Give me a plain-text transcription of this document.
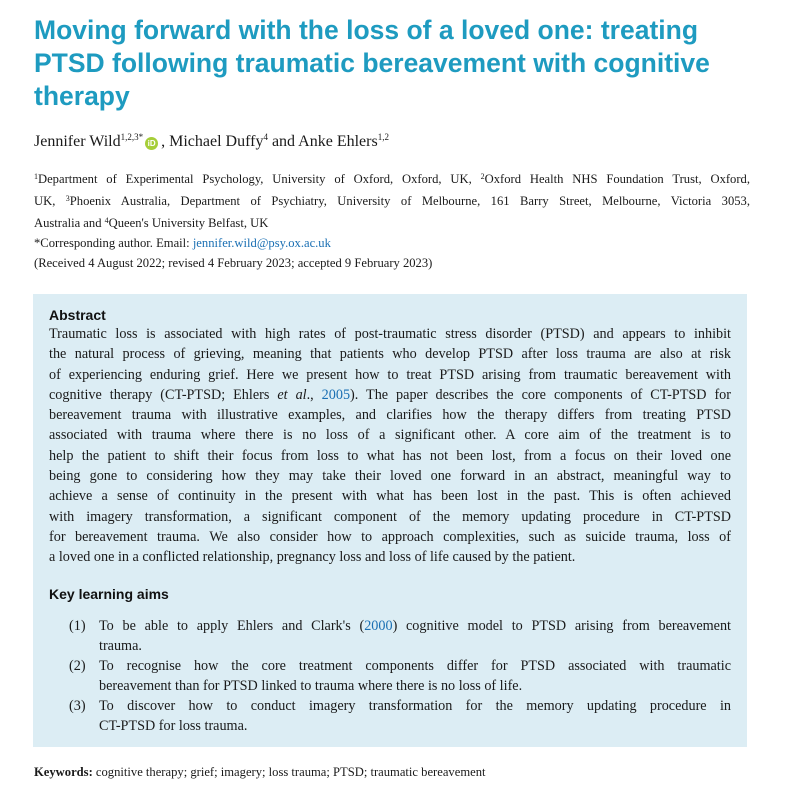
Moving forward with the loss of a loved one: treating
PTSD following traumatic bereavement with cognitive
therapy
Jennifer Wild$^{1,2,3*}$iD , Michael Duffy$^4$ and Anke Ehlers$^{1,2}$
$^1$Department of Experimental Psychology, University of Oxford, Oxford, UK, $^2$Oxford Health NHS Foundation Trust, Oxford,
UK, $^3$Phoenix Australia, Department of Psychiatry, University of Melbourne, 161 Barry Street, Melbourne, Victoria 3053,
Australia and $^4$Queen's University Belfast, UK
*Corresponding author. Email: jennifer.wild@psy.ox.ac.uk
(Received 4 August 2022; revised 4 February 2023; accepted 9 February 2023)
Abstract
Traumatic loss is associated with high rates of post-traumatic stress disorder (PTSD) and appears to inhibit
the natural process of grieving, meaning that patients who develop PTSD after loss trauma are also at risk
of experiencing enduring grief. Here we present how to treat PTSD arising from traumatic bereavement with
cognitive therapy (CT-PTSD; Ehlers et al., 2005). The paper describes the core components of CT-PTSD for
bereavement trauma with illustrative examples, and clarifies how the therapy differs from treating PTSD
associated with trauma where there is no loss of a significant other. A core aim of the treatment is to
help the patient to shift their focus from loss to what has not been lost, from a focus on their loved one
being gone to considering how they may take their loved one forward in an abstract, meaningful way to
achieve a sense of continuity in the present with what has been lost in the past. This is often achieved
with imagery transformation, a significant component of the memory updating procedure in CT-PTSD
for bereavement trauma. We also consider how to approach complexities, such as suicide trauma, loss of
a loved one in a conflicted relationship, pregnancy loss and loss of life caused by the patient.
Key learning aims
(1) To be able to apply Ehlers and Clark's (2000) cognitive model to PTSD arising from bereavement
trauma.
(2) To recognise how the core treatment components differ for PTSD associated with traumatic
bereavement than for PTSD linked to trauma where there is no loss of life.
(3) To discover how to conduct imagery transformation for the memory updating procedure in
CT-PTSD for loss trauma.
Keywords: cognitive therapy; grief; imagery; loss trauma; PTSD; traumatic bereavement
